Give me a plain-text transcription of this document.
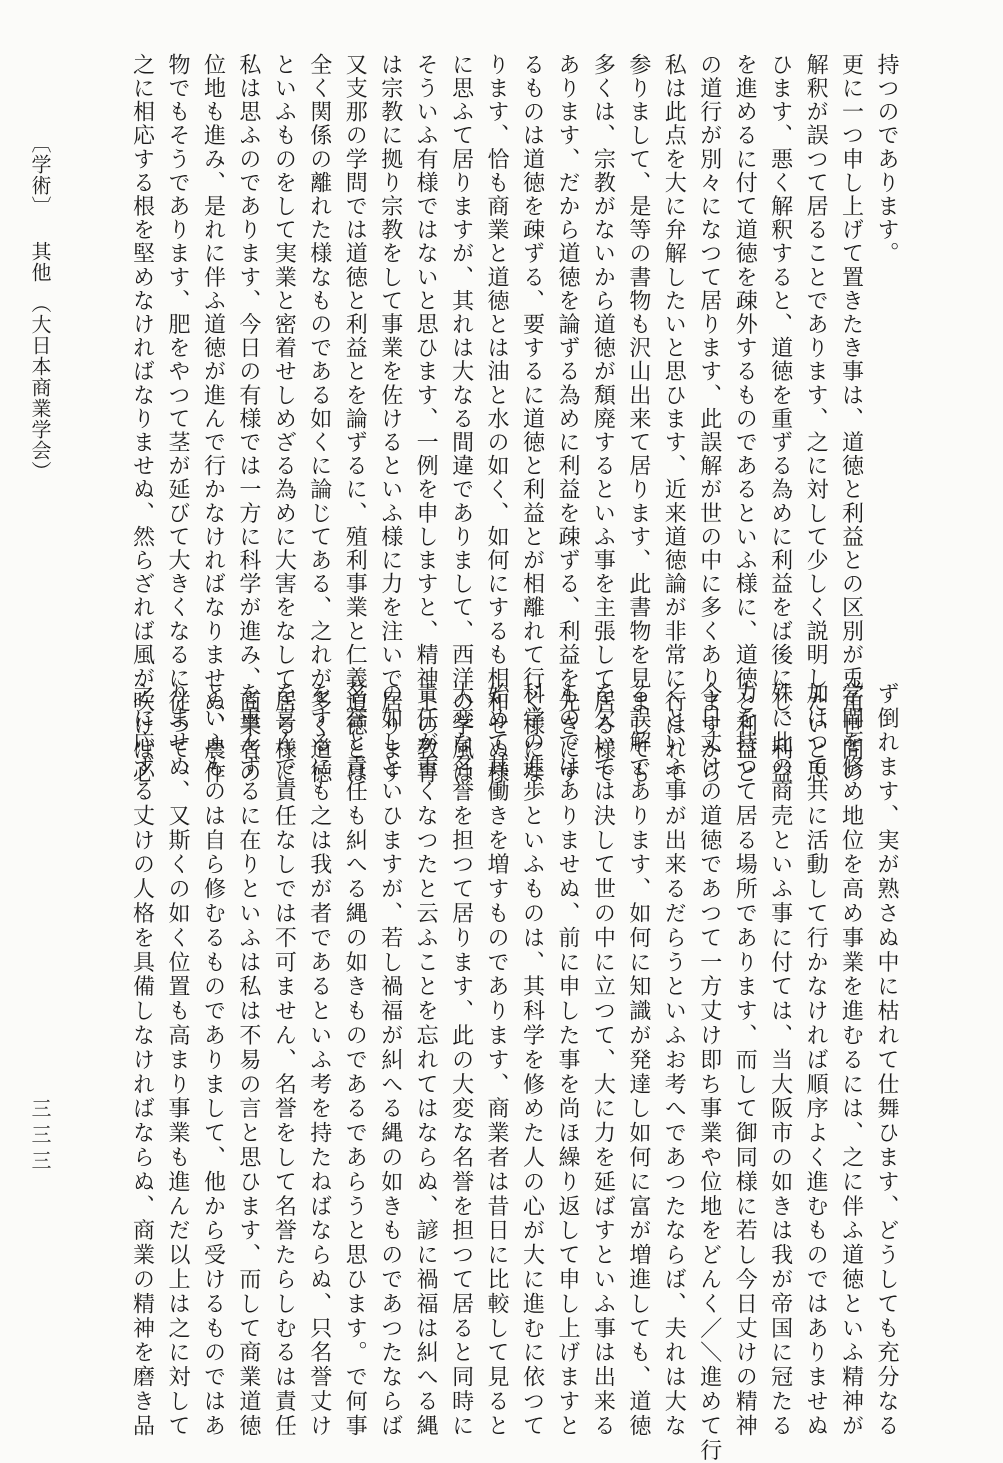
持つのであります。
更に一つ申し上げて置きたき事は、道徳と利益との区別が兎角世間の
解釈が誤つて居ることであります、之に対して少しく説明したいと思
ひます、悪く解釈すると、道徳を重ずる為めに利益をば後にし、利益
を進めるに付て道徳を疎外するものであるといふ様に、道徳と利益と
の道行が別々になつて居ります、此誤解が世の中に多くありますから
私は此点を大に弁解したいと思ひます、近来道徳論が非常に行はれて
参りまして、是等の書物も沢山出来て居ります、此書物を見ましても
多くは、宗教がないから道徳が頽廃するといふ事を主張して居る様で
あります、だから道徳を論ずる為めに利益を疎ずる、利益を先きにす
るものは道徳を疎ずる、要するに道徳と利益とが相離れて行く様にな
ります、恰も商業と道徳とは油と水の如く、如何にするも相和せぬ様
に思ふて居りますが、其れは大なる間違でありまして、西洋の学風は
そういふ有様ではないと思ひます、一例を申しますと、精神上の教育
は宗教に拠り宗教をして事業を佐けるといふ様に力を注いで居ります
又支那の学問では道徳と利益とを論ずるに、殖利事業と仁義道徳とは
全く関係の離れた様なものである如くに論じてある、之れが多く道徳
といふものをして実業と密着せしめざる為めに大害をなして居る様に
私は思ふのであります、今日の有様では一方に科学が進み、商業者の
位地も進み、是れに伴ふ道徳が進んで行かなければなりませぬ、農作
物でもそうであります、肥をやつて茎が延びて大きくなるに従つて、
之に相応する根を堅めなければなりませぬ、然らざれば風が吹けば必
ず倒れます、実が熟さぬ中に枯れて仕舞ひます、どうしても充分なる
学問を修め地位を高め事業を進むるには、之に伴ふ道徳といふ精神が
加はつて共に活動して行かなければ順序よく進むものではありませぬ
殊に此の商売といふ事に付ては、当大阪市の如きは我が帝国に冠たる
力を持つて居る場所であります、而して御同様に若し今日丈けの精神
今日丈けの道徳であつて一方丈け即ち事業や位地をどんく／＼進めて行
くといふ事が出来るだらうといふお考へであつたならば、夫れは大な
る誤解であります、如何に知識が発達し如何に富が増進しても、道徳
を欠いては決して世の中に立つて、大に力を延ばすといふ事は出来る
ものではありませぬ、前に申した事を尚ほ繰り返して申し上げますと
科学の進歩といふものは、其科学を修めた人の心が大に進むに依つて
始めて其働きを増すものであります、商業者は昔日に比較して見ると
大変な名誉を担つて居ります、此の大変な名誉を担つて居ると同時に
責任が重くなつたと云ふことを忘れてはならぬ、諺に禍福は糾へる縄
の如しといひますが、若し禍福が糾へる縄の如きものであつたならば
名誉と責任も糾へる縄の如きものであるであらうと思ひます。で何事
をするにも之は我が者であるといふ考を持たねばならぬ、只名誉丈け
を喜んで責任なしでは不可ません、名誉をして名誉たらしむるは責任
を重んずるに在りといふは私は不易の言と思ひます、而して商業道徳
といふものは自ら修むるものでありまして、他から受けるものではあ
りませぬ、又斯くの如く位置も高まり事業も進んだ以上は之に対して
之に応ずる丈けの人格を具備しなければならぬ、商業の精神を磨き品
〔学術〕其他（大日本商業学会）
三三三
